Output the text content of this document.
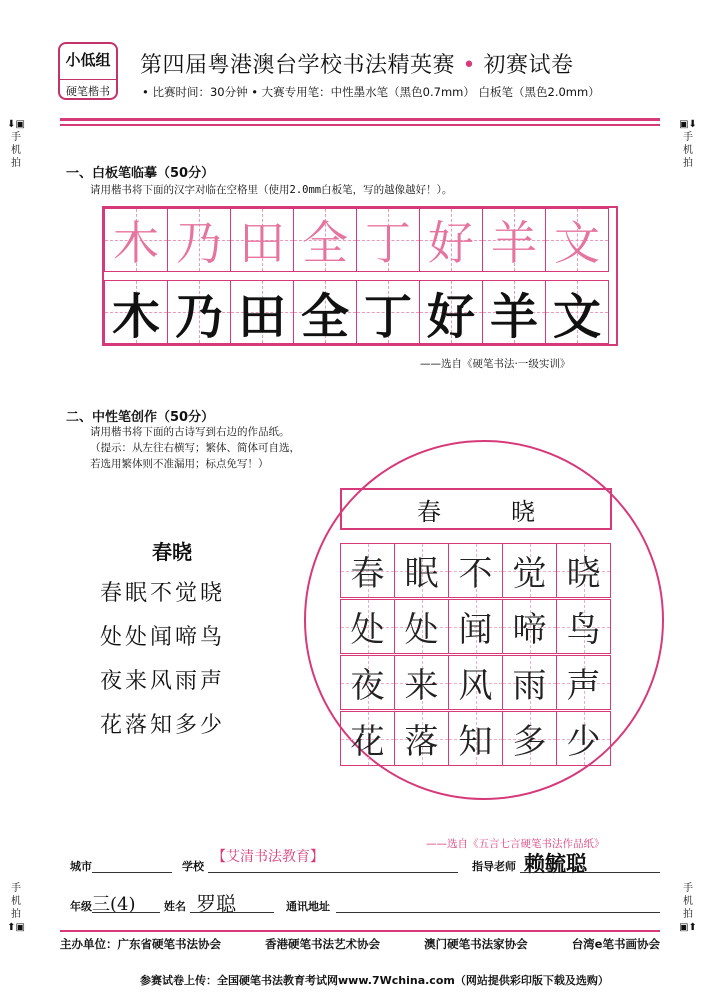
小低组
硬笔楷书
第四届粤港澳台学校书法精英赛 • 初赛试卷
• 比赛时间：30分钟 • 大赛专用笔：中性墨水笔（黑色0.7mm） 白板笔（黑色2.0mm）
⬇▣
手机拍
▣⬇
手机拍
手机拍
⬆▣
手机拍
▣⬆
一、白板笔临摹（50分）
请用楷书将下面的汉字对临在空格里（使用2.0mm白板笔，写的越像越好！）。
木 乃 田 全 丁 好 羊 文
木 乃 田 全 丁 好 羊 文
——选自《硬笔书法·一级实训》
二、中性笔创作（50分）
请用楷书将下面的古诗写到右边的作品纸。
（提示：从左往右横写；繁体、简体可自选，
若选用繁体则不准漏用；标点免写！）
春晓
春眠不觉晓
处处闻啼鸟
夜来风雨声
花落知多少
春	晓
春 眠 不 觉 晓
处 处 闻 啼 鸟
夜 来 风 雨 声
花 落 知 多 少
——选自《五言七言硬笔书法作品纸》
城市	学校
【艾清书法教育】
指导老师 赖毓聪
年级 三(4)	姓名 罗聪	通讯地址
主办单位：广东省硬笔书法协会	香港硬笔书法艺术协会	澳门硬笔书法家协会	台湾e笔书画协会
参赛试卷上传：全国硬笔书法教育考试网www.7Wchina.com（网站提供彩印版下载及选购）
